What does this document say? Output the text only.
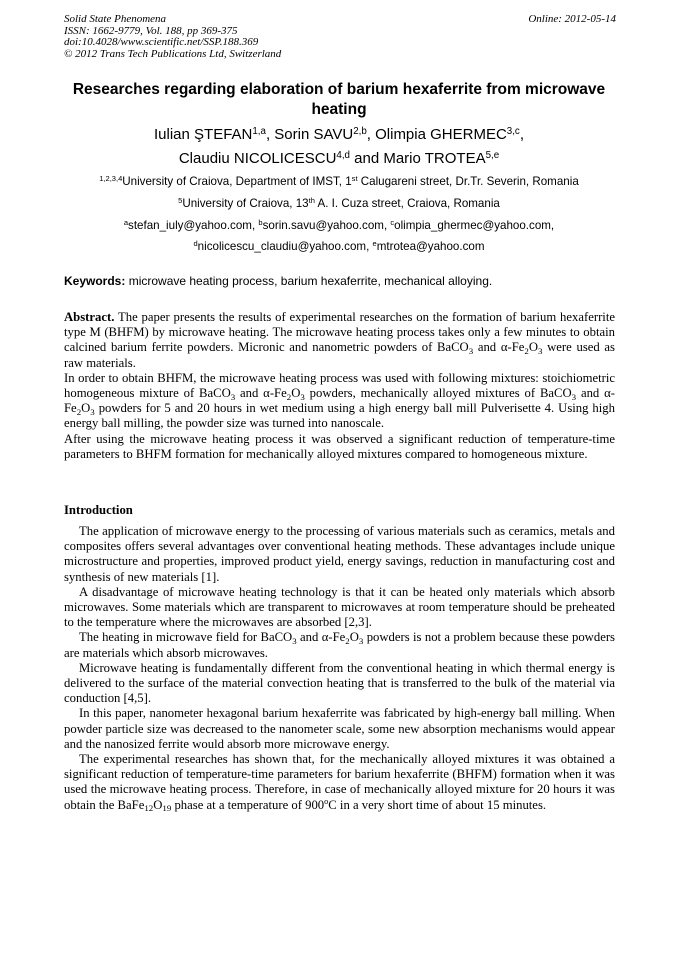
Solid State Phenomena
ISSN: 1662-9779, Vol. 188, pp 369-375
doi:10.4028/www.scientific.net/SSP.188.369
© 2012 Trans Tech Publications Ltd, Switzerland
Online: 2012-05-14
Researches regarding elaboration of barium hexaferrite from microwave heating
Iulian ŞTEFAN$^{1,a}$, Sorin SAVU$^{2,b}$, Olimpia GHERMEC$^{3,c}$,
Claudiu NICOLICESCU$^{4,d}$ and Mario TROTEA$^{5,e}$
$^{1,2,3,4}$University of Craiova, Department of IMST, 1st Calugareni street, Dr.Tr. Severin, Romania
$^5$University of Craiova, 13th A. I. Cuza street, Craiova, Romania
$^a$stefan_iuly@yahoo.com, $^b$sorin.savu@yahoo.com, $^c$olimpia_ghermec@yahoo.com,
$^d$nicolicescu_claudiu@yahoo.com, $^e$mtrotea@yahoo.com
Keywords: microwave heating process, barium hexaferrite, mechanical alloying.

Abstract. The paper presents the results of experimental researches on the formation of barium hexaferrite type M (BHFM) by microwave heating. The microwave heating process takes only a few minutes to obtain calcined barium ferrite powders. Micronic and nanometric powders of BaCO$_3$ and $\alpha-Fe_2O_3$ were used as raw materials.

In order to obtain BHFM, the microwave heating process was used with following mixtures: stoichiometric homogeneous mixture of BaCO$_3$ and $\alpha-Fe_2O_3$ powders, mechanically alloyed mixtures of BaCO$_3$ and $\alpha-Fe_2O_3$ powders for 5 and 20 hours in wet medium using a high energy ball mill Pulverisette 4. Using high energy ball milling, the powder size was turned into nanoscale.

After using the microwave heating process it was observed a significant reduction of temperature-time parameters to BHFM formation for mechanically alloyed mixtures compared to homogeneous mixture.

Introduction

The application of microwave energy to the processing of various materials such as ceramics, metals and composites offers several advantages over conventional heating methods. These advantages include unique microstructure and properties, improved product yield, energy savings, reduction in manufacturing cost and synthesis of new materials [1].

A disadvantage of microwave heating technology is that it can be heated only materials which absorb microwaves. Some materials which are transparent to microwaves at room temperature should be preheated to the temperature where the microwaves are absorbed [2,3].

The heating in microwave field for BaCO$_3$ and $\alpha-Fe_2O_3$ powders is not a problem because these powders are materials which absorb microwaves.

Microwave heating is fundamentally different from the conventional heating in which thermal energy is delivered to the surface of the material convection heating that is transferred to the bulk of the material via conduction [4,5].

In this paper, nanometer hexagonal barium hexaferrite was fabricated by high-energy ball milling. When powder particle size was decreased to the nanometer scale, some new absorption mechanisms would appear and the nanosized ferrite would absorb more microwave energy.

The experimental researches has shown that, for the mechanically alloyed mixtures it was obtained a significant reduction of temperature-time parameters for barium hexaferrite (BHFM) formation when it was used the microwave heating process. Therefore, in case of mechanically alloyed mixture for 20 hours it was obtain the $BaFe_{12}O_{19}$ phase at a temperature of 900$^o$C in a very short time of about 15 minutes.
